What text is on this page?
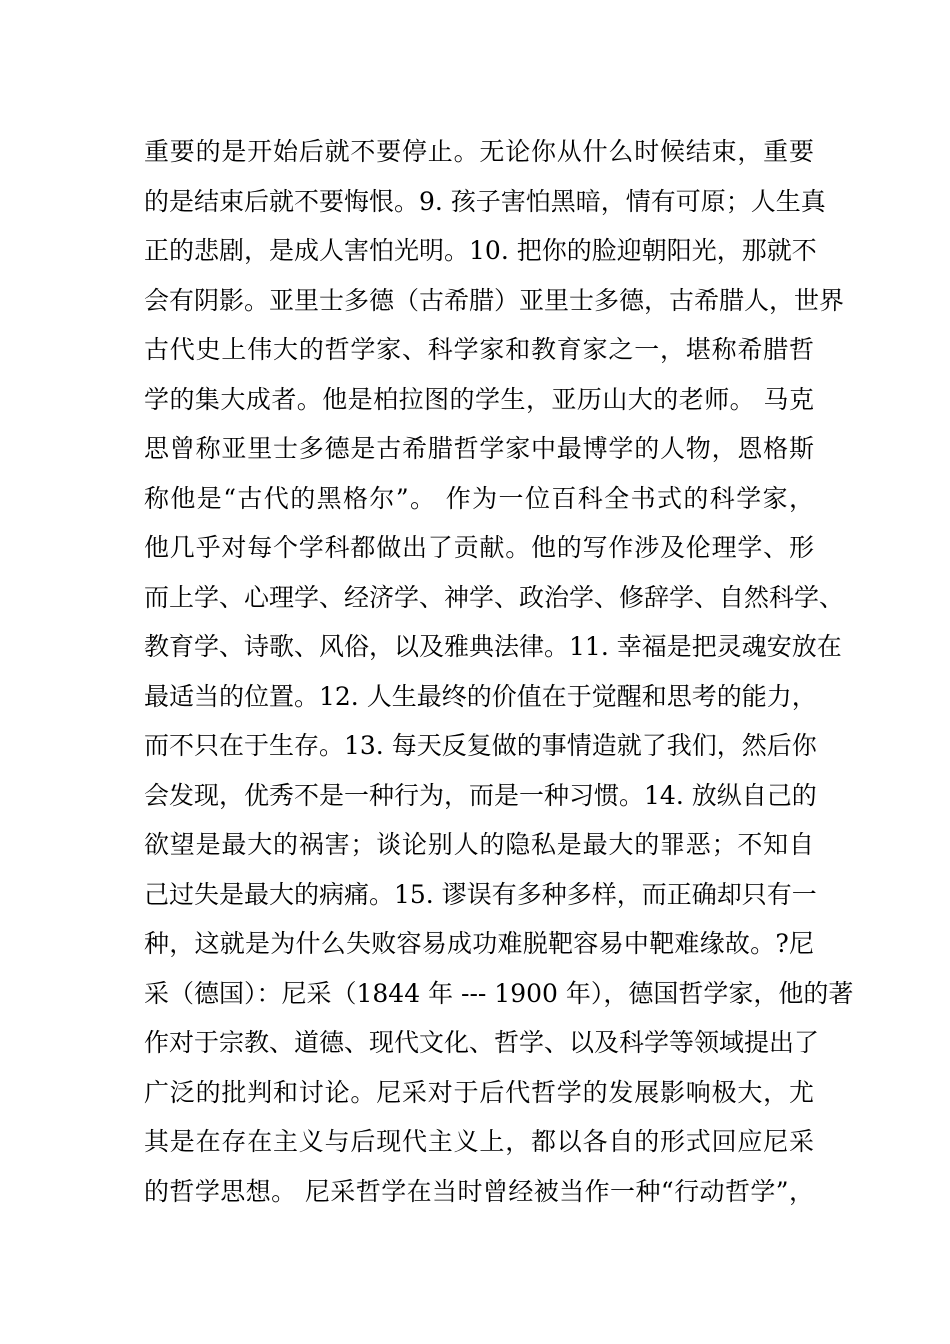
重要的是开始后就不要停止。无论你从什么时候结束，重要
的是结束后就不要悔恨。9. 孩子害怕黑暗，情有可原；人生真
正的悲剧，是成人害怕光明。10. 把你的脸迎朝阳光，那就不
会有阴影。亚里士多德（古希腊）亚里士多德，古希腊人，世界
古代史上伟大的哲学家、科学家和教育家之一，堪称希腊哲
学的集大成者。他是柏拉图的学生，亚历山大的老师。 马克
思曾称亚里士多德是古希腊哲学家中最博学的人物，恩格斯
称他是“古代的黑格尔”。 作为一位百科全书式的科学家，
他几乎对每个学科都做出了贡献。他的写作涉及伦理学、形
而上学、心理学、经济学、神学、政治学、修辞学、自然科学、
教育学、诗歌、风俗，以及雅典法律。11. 幸福是把灵魂安放在
最适当的位置。12. 人生最终的价值在于觉醒和思考的能力，
而不只在于生存。13. 每天反复做的事情造就了我们，然后你
会发现，优秀不是一种行为，而是一种习惯。14. 放纵自己的
欲望是最大的祸害；谈论别人的隐私是最大的罪恶；不知自
己过失是最大的病痛。15. 谬误有多种多样，而正确却只有一
种，这就是为什么失败容易成功难脱靶容易中靶难缘故。?尼
采（德国）：尼采（1844 年 --- 1900 年），德国哲学家，他的著
作对于宗教、道德、现代文化、哲学、以及科学等领域提出了
广泛的批判和讨论。尼采对于后代哲学的发展影响极大，尤
其是在存在主义与后现代主义上，都以各自的形式回应尼采
的哲学思想。 尼采哲学在当时曾经被当作一种“行动哲学”，
